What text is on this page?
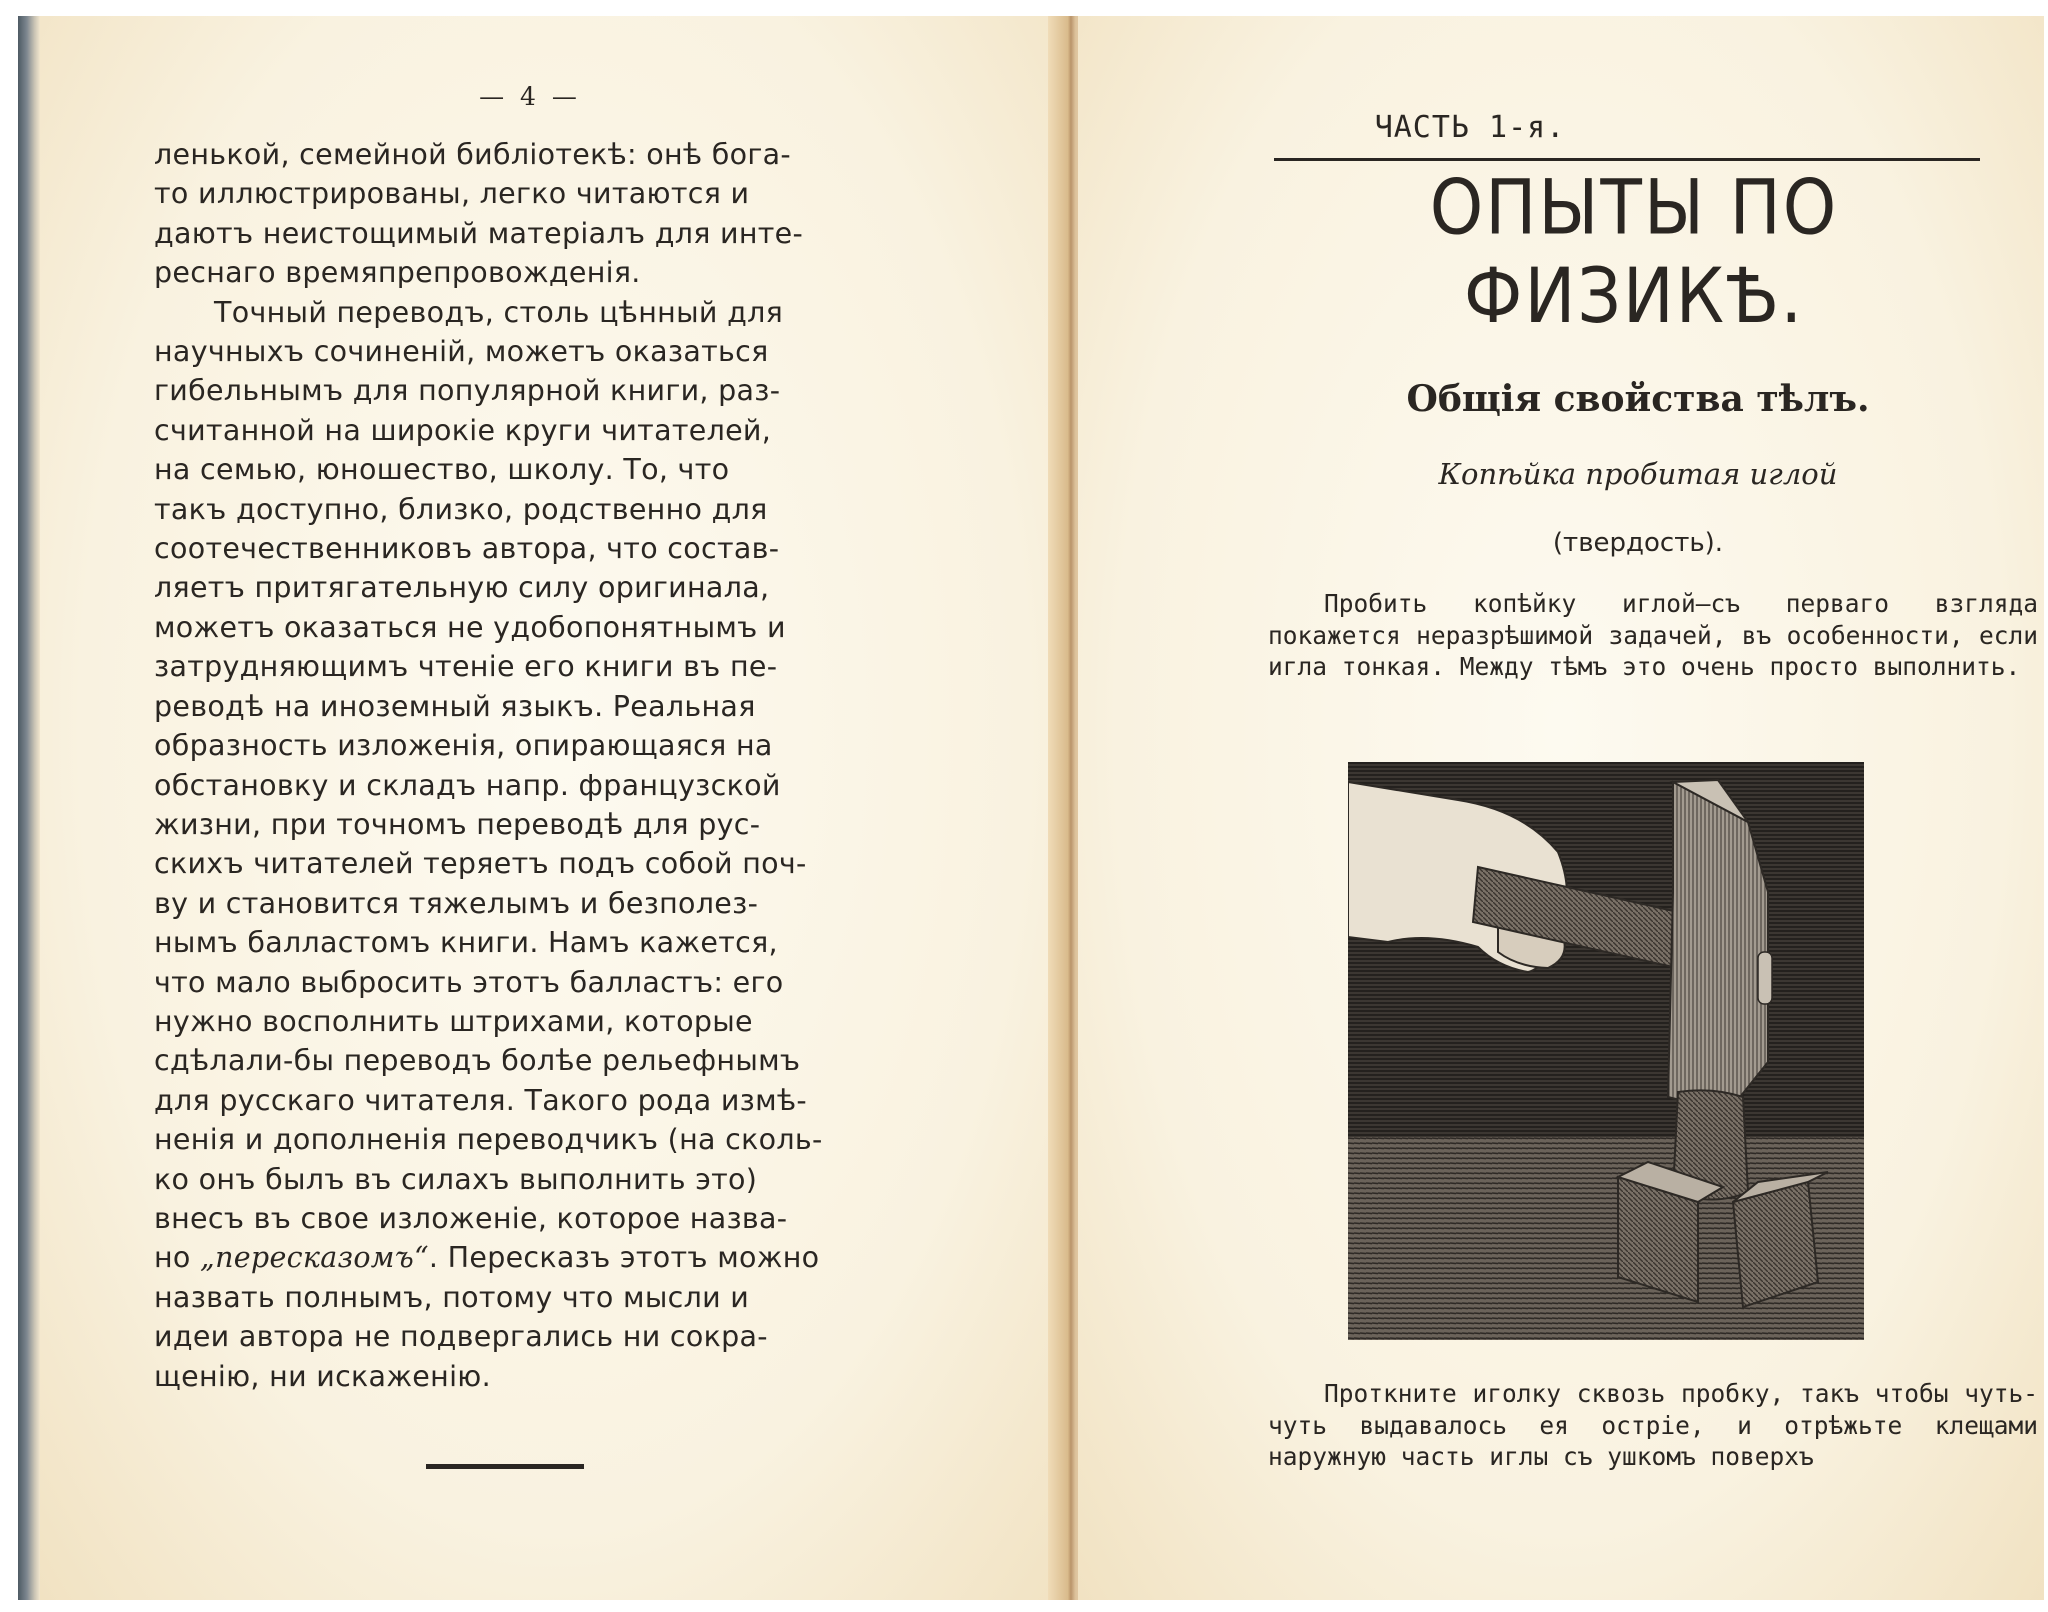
— 4 —
ленькой, семейной библіотекѣ: онѣ бога-
то иллюстрированы, легко читаются и
даютъ неистощимый матеріалъ для инте-
реснаго времяпрепровожденія.
Точный переводъ, столь цѣнный для
научныхъ сочиненій, можетъ оказаться
гибельнымъ для популярной книги, раз-
считанной на широкіе круги читателей,
на семью, юношество, школу. То, что
такъ доступно, близко, родственно для
соотечественниковъ автора, что состав-
ляетъ притягательную силу оригинала,
можетъ оказаться не удобопонятнымъ и
затрудняющимъ чтеніе его книги въ пе-
реводѣ на иноземный языкъ. Реальная
образность изложенія, опирающаяся на
обстановку и складъ напр. французской
жизни, при точномъ переводѣ для рус-
скихъ читателей теряетъ подъ собой поч-
ву и становится тяжелымъ и безполез-
нымъ балластомъ книги. Намъ кажется,
что мало выбросить этотъ балластъ: его
нужно восполнить штрихами, которые
сдѣлали-бы переводъ болѣе рельефнымъ
для русскаго читателя. Такого рода измѣ-
ненія и дополненія переводчикъ (на сколь-
ко онъ былъ въ силахъ выполнить это)
внесъ въ свое изложеніе, которое назва-
но „пересказомъ“. Пересказъ этотъ можно
назвать полнымъ, потому что мысли и
идеи автора не подвергались ни сокра-
щенію, ни искаженію.
ЧАСТЬ 1-я.
ОПЫТЫ ПО ФИЗИКѢ.
Общія свойства тѣлъ.
Копѣйка пробитая иглой
(твердость).
Пробить копѣйку иглой—съ перваго взгляда покажется неразрѣшимой задачей, въ особенности, если игла тонкая. Между тѣмъ это очень просто выполнить.
Проткните иголку сквозь пробку, такъ чтобы чуть-чуть выдавалось ея остріе, и отрѣжьте клещами наружную часть иглы съ ушкомъ поверхъ
